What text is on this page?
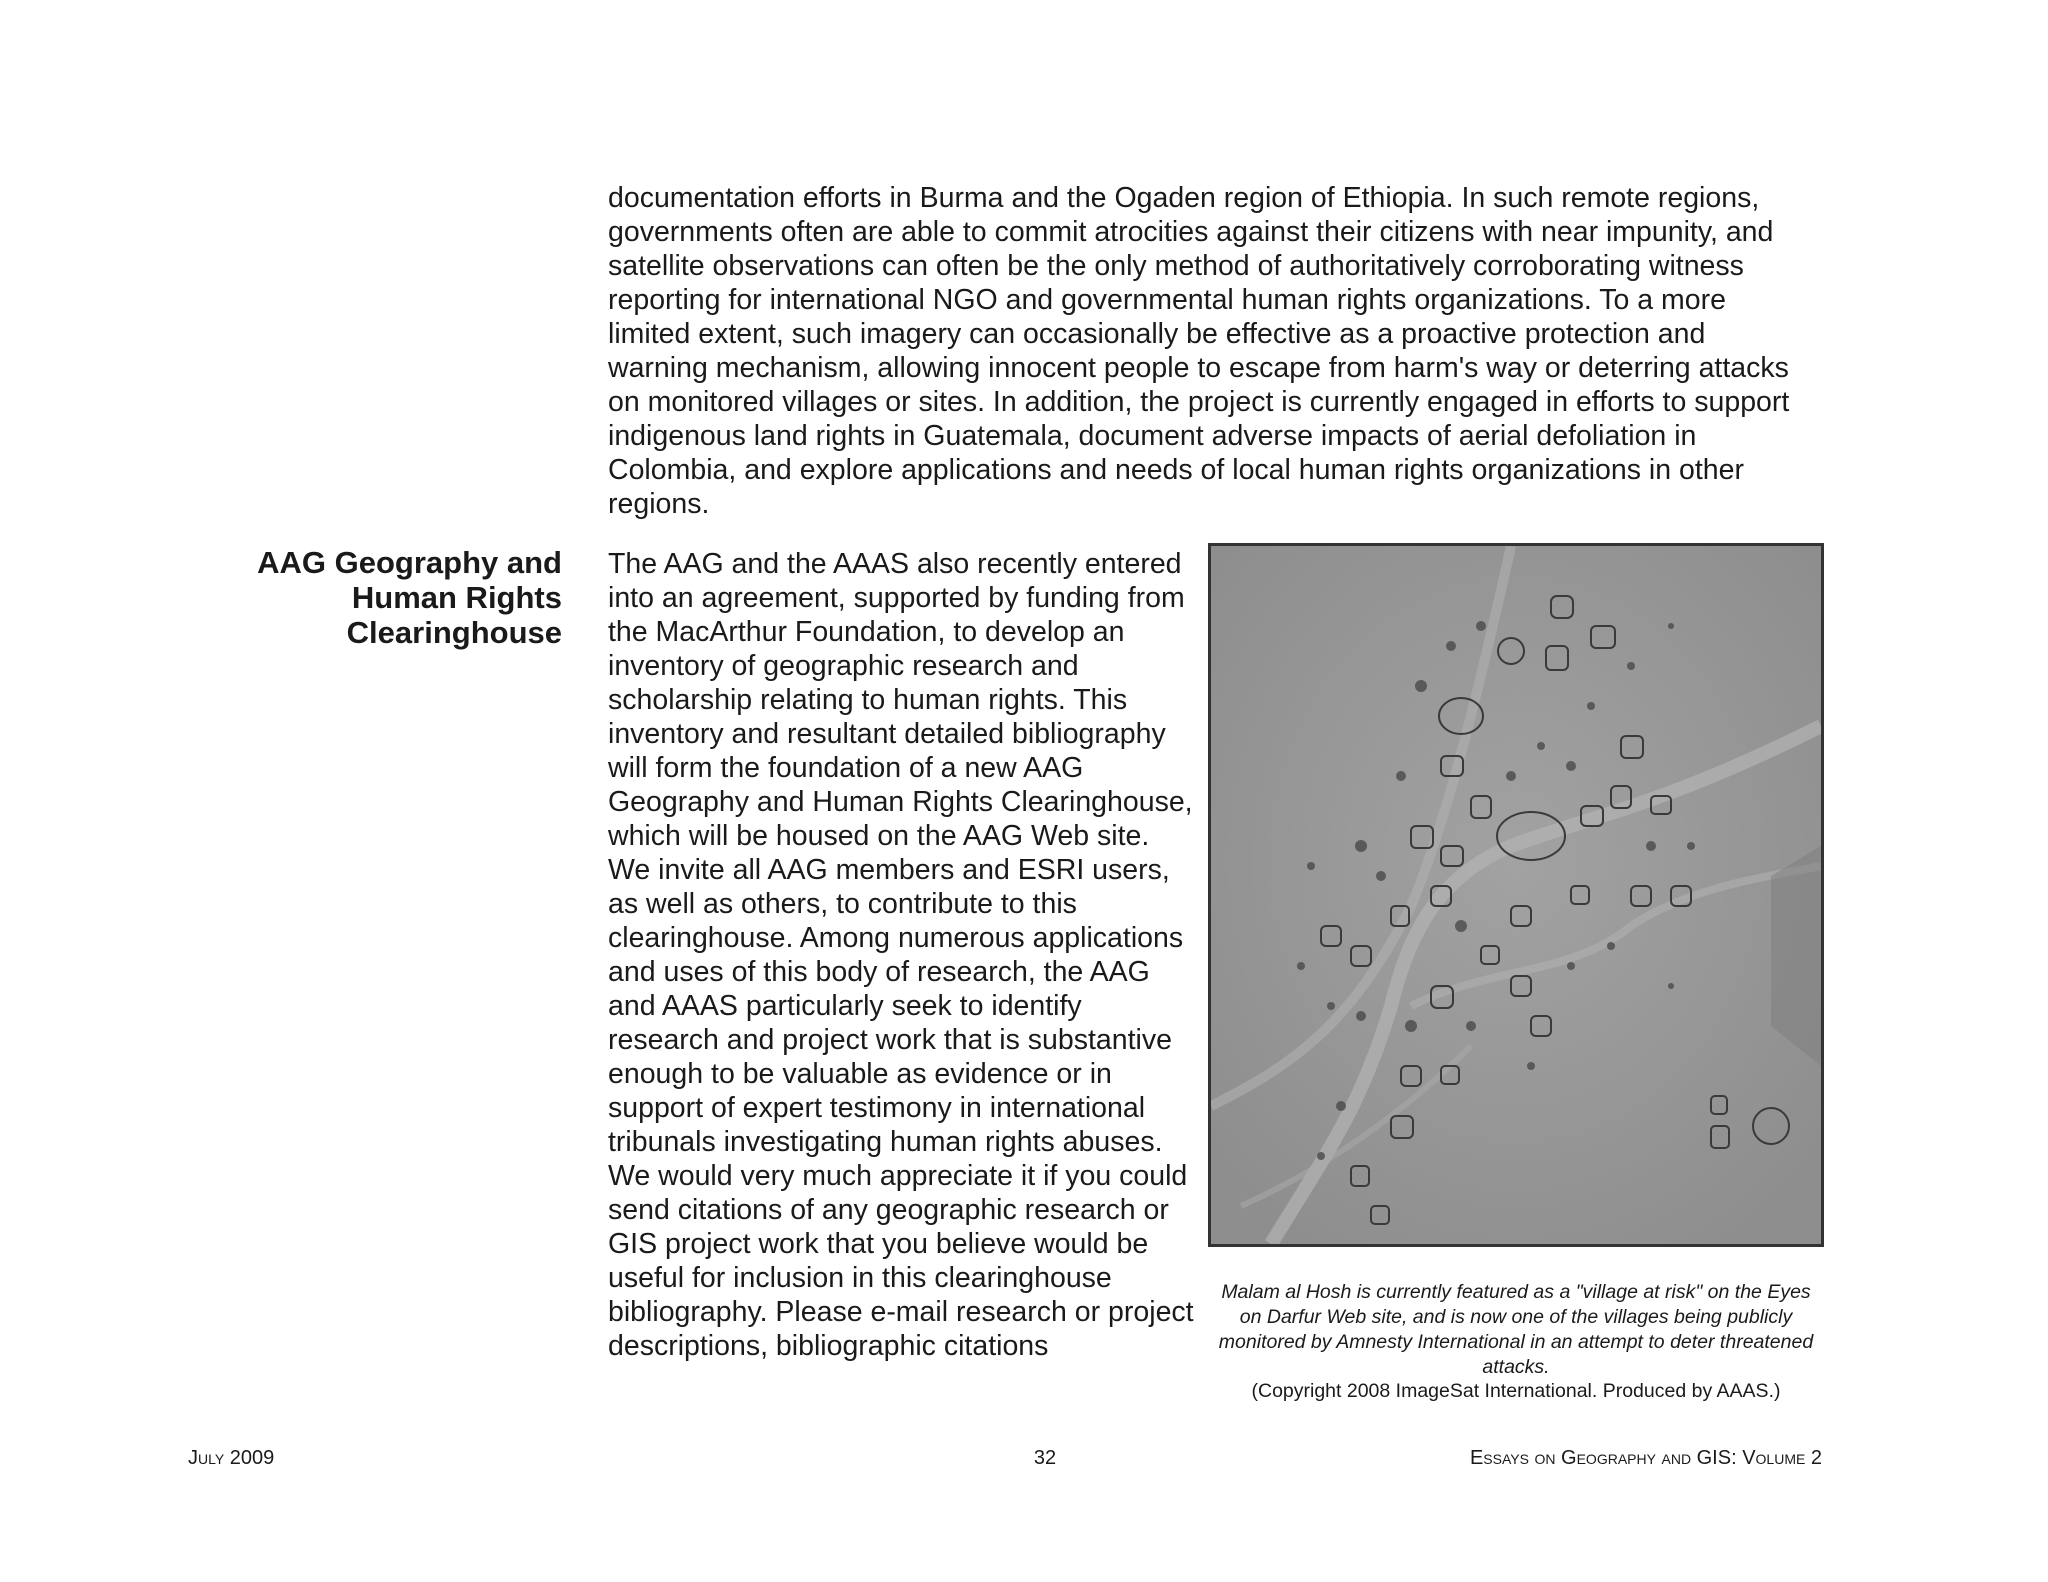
documentation efforts in Burma and the Ogaden region of Ethiopia. In such remote regions, governments often are able to commit atrocities against their citizens with near impunity, and satellite observations can often be the only method of authoritatively corroborating witness reporting for international NGO and governmental human rights organizations. To a more limited extent, such imagery can occasionally be effective as a proactive protection and warning mechanism, allowing innocent people to escape from harm's way or deterring attacks on monitored villages or sites. In addition, the project is currently engaged in efforts to support indigenous land rights in Guatemala, document adverse impacts of aerial defoliation in Colombia, and explore applications and needs of local human rights organizations in other regions.

AAG Geography and Human Rights Clearinghouse

The AAG and the AAAS also recently entered into an agreement, supported by funding from the MacArthur Foundation, to develop an inventory of geographic research and scholarship relating to human rights. This inventory and resultant detailed bibliography will form the foundation of a new AAG Geography and Human Rights Clearinghouse, which will be housed on the AAG Web site. We invite all AAG members and ESRI users, as well as others, to contribute to this clearinghouse. Among numerous applications and uses of this body of research, the AAG and AAAS particularly seek to identify research and project work that is substantive enough to be valuable as evidence or in support of expert testimony in international tribunals investigating human rights abuses. We would very much appreciate it if you could send citations of any geographic research or GIS project work that you believe would be useful for inclusion in this clearinghouse bibliography. Please e-mail research or project descriptions, bibliographic citations

Malam al Hosh is currently featured as a "village at risk" on the Eyes on Darfur Web site, and is now one of the villages being publicly monitored by Amnesty International in an attempt to deter threatened attacks.

(Copyright 2008 ImageSat International. Produced by AAAS.)

July 2009	32	Essays on Geography and GIS: Volume 2
